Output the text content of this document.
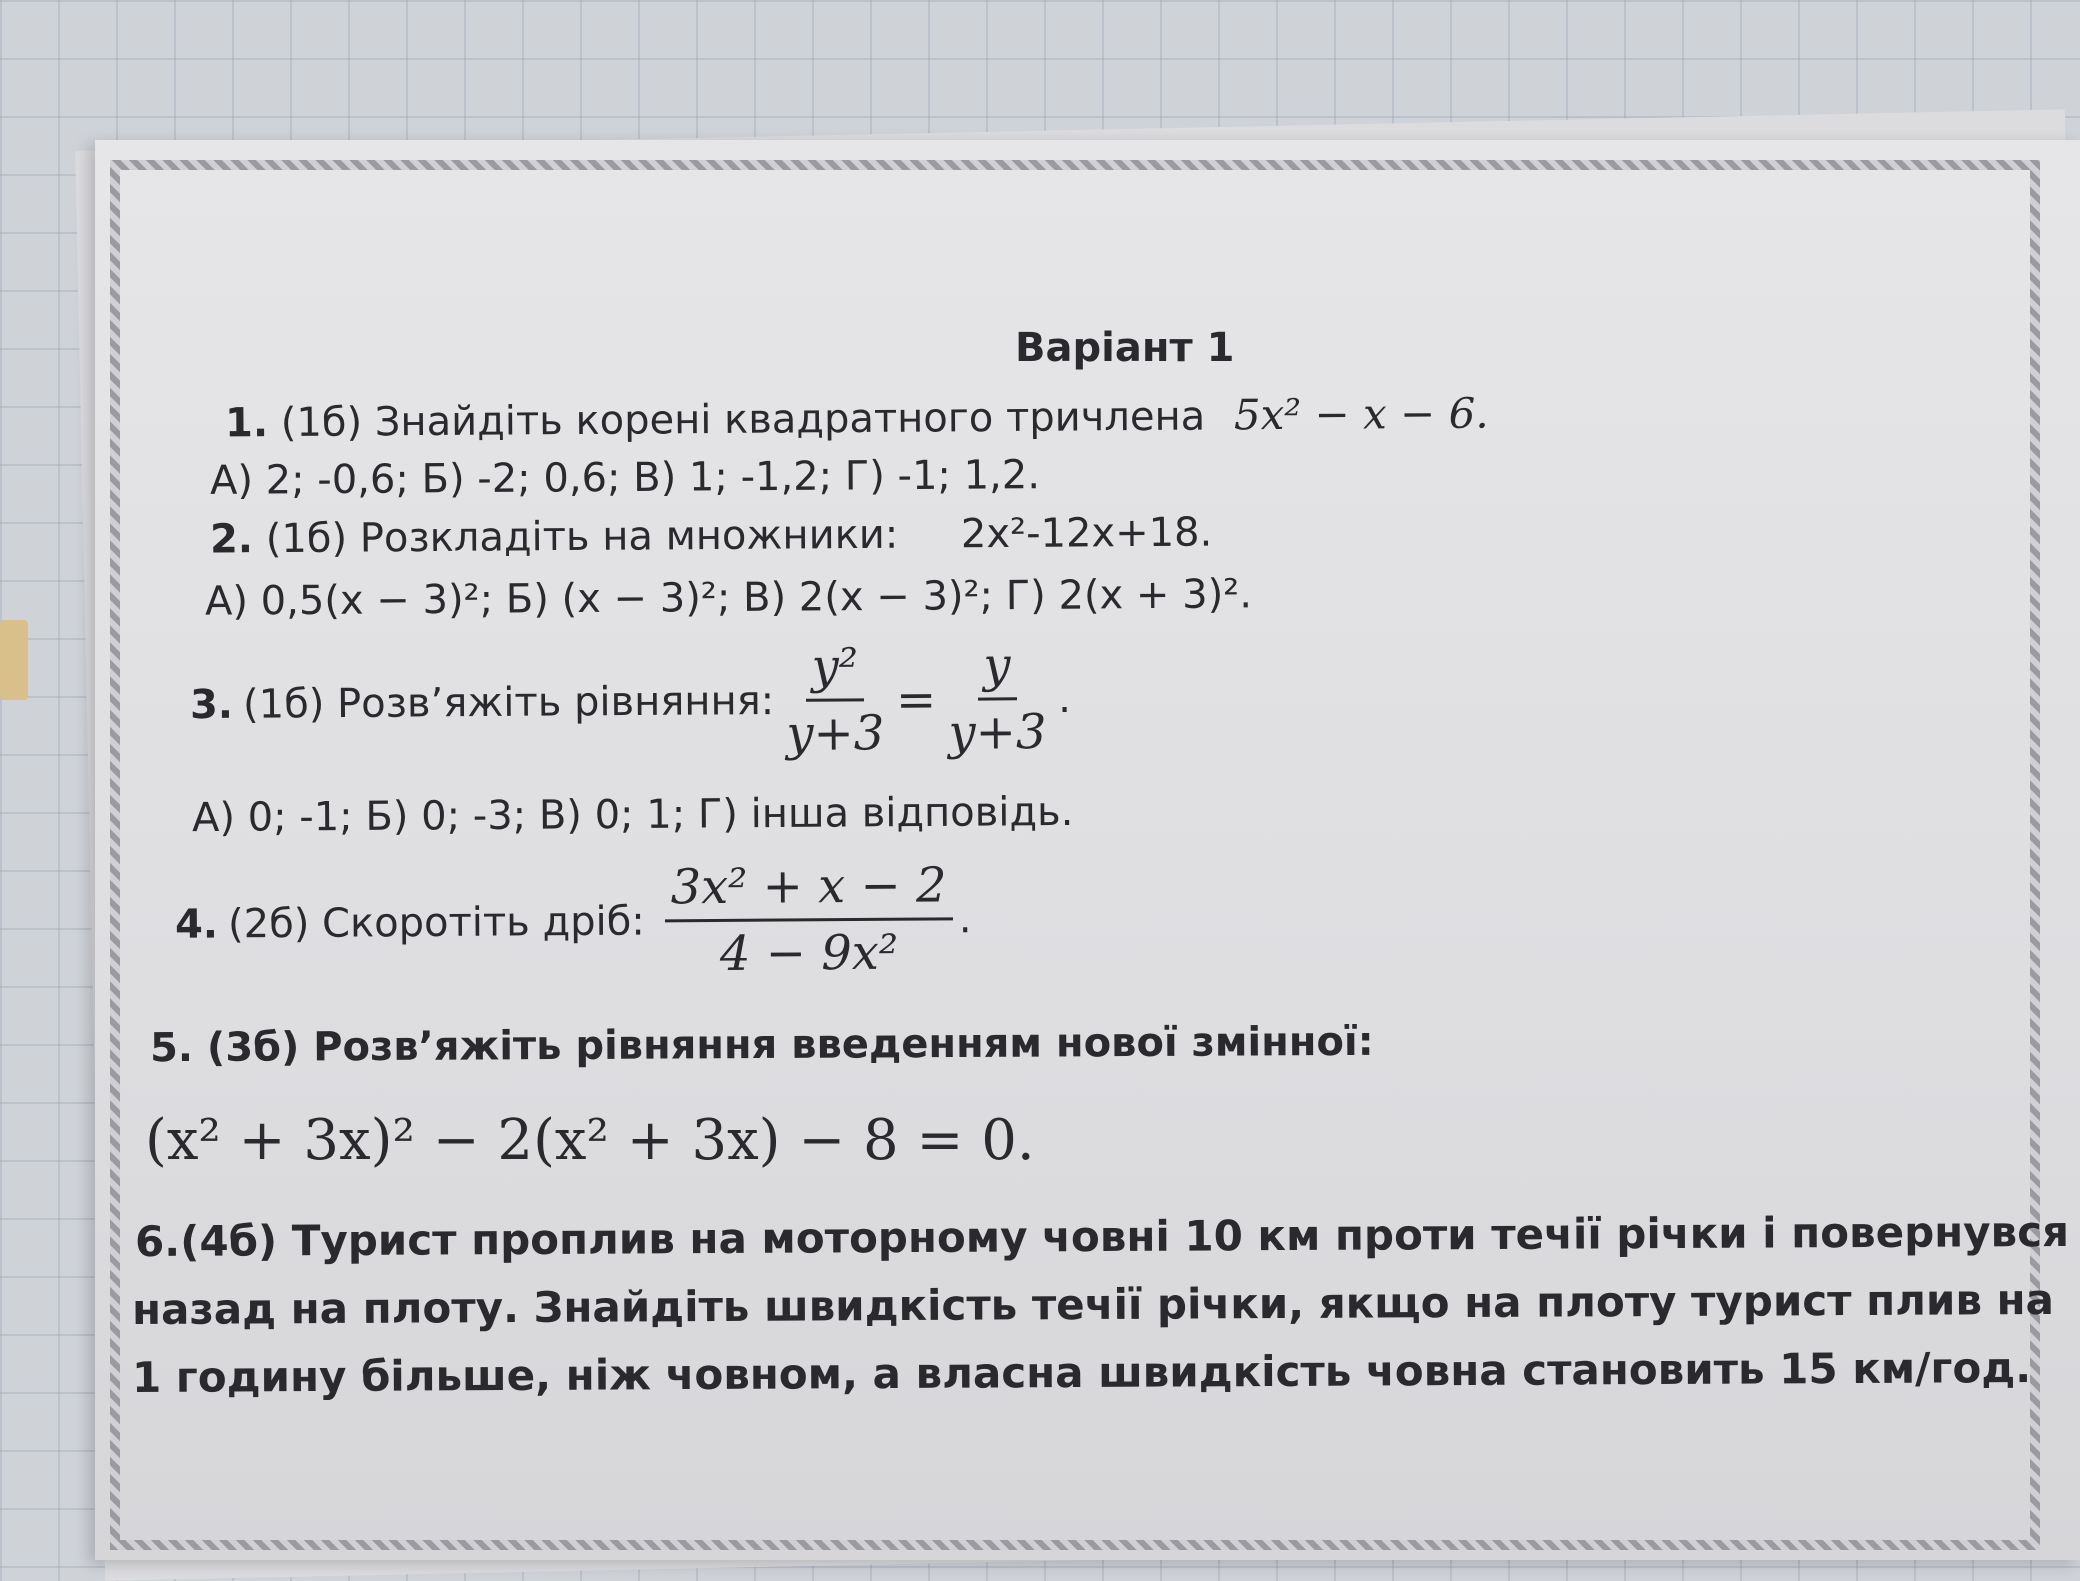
Варіант 1
1. (1б) Знайдіть корені квадратного тричлена 5x² − x − 6.
А) 2; -0,6; Б) -2; 0,6; В) 1; -1,2; Г) -1; 1,2.
2. (1б) Розкладіть на множники: 2x²-12x+18.
А) 0,5(x − 3)²; Б) (x − 3)²; В) 2(x − 3)²; Г) 2(x + 3)².
3. (1б) Розв’яжіть рівняння: $\frac{\text{y²}}{y+3} = \frac{y}{y+3}$ .
А) 0; -1; Б) 0; -3; В) 0; 1; Г) інша відповідь.
4. (2б) Скоротіть дріб: $\frac{\text{3x² + x − 2}}{\text{4 − 9x²}}$ .
5. (3б) Розв’яжіть рівняння введенням нової змінної:
(x² + 3x)² − 2(x² + 3x) − 8 = 0.
6.(4б) Турист проплив на моторному човні 10 км проти течії річки і повернувся
назад на плоту. Знайдіть швидкість течії річки, якщо на плоту турист плив на
1 годину більше, ніж човном, а власна швидкість човна становить 15 км/год.
